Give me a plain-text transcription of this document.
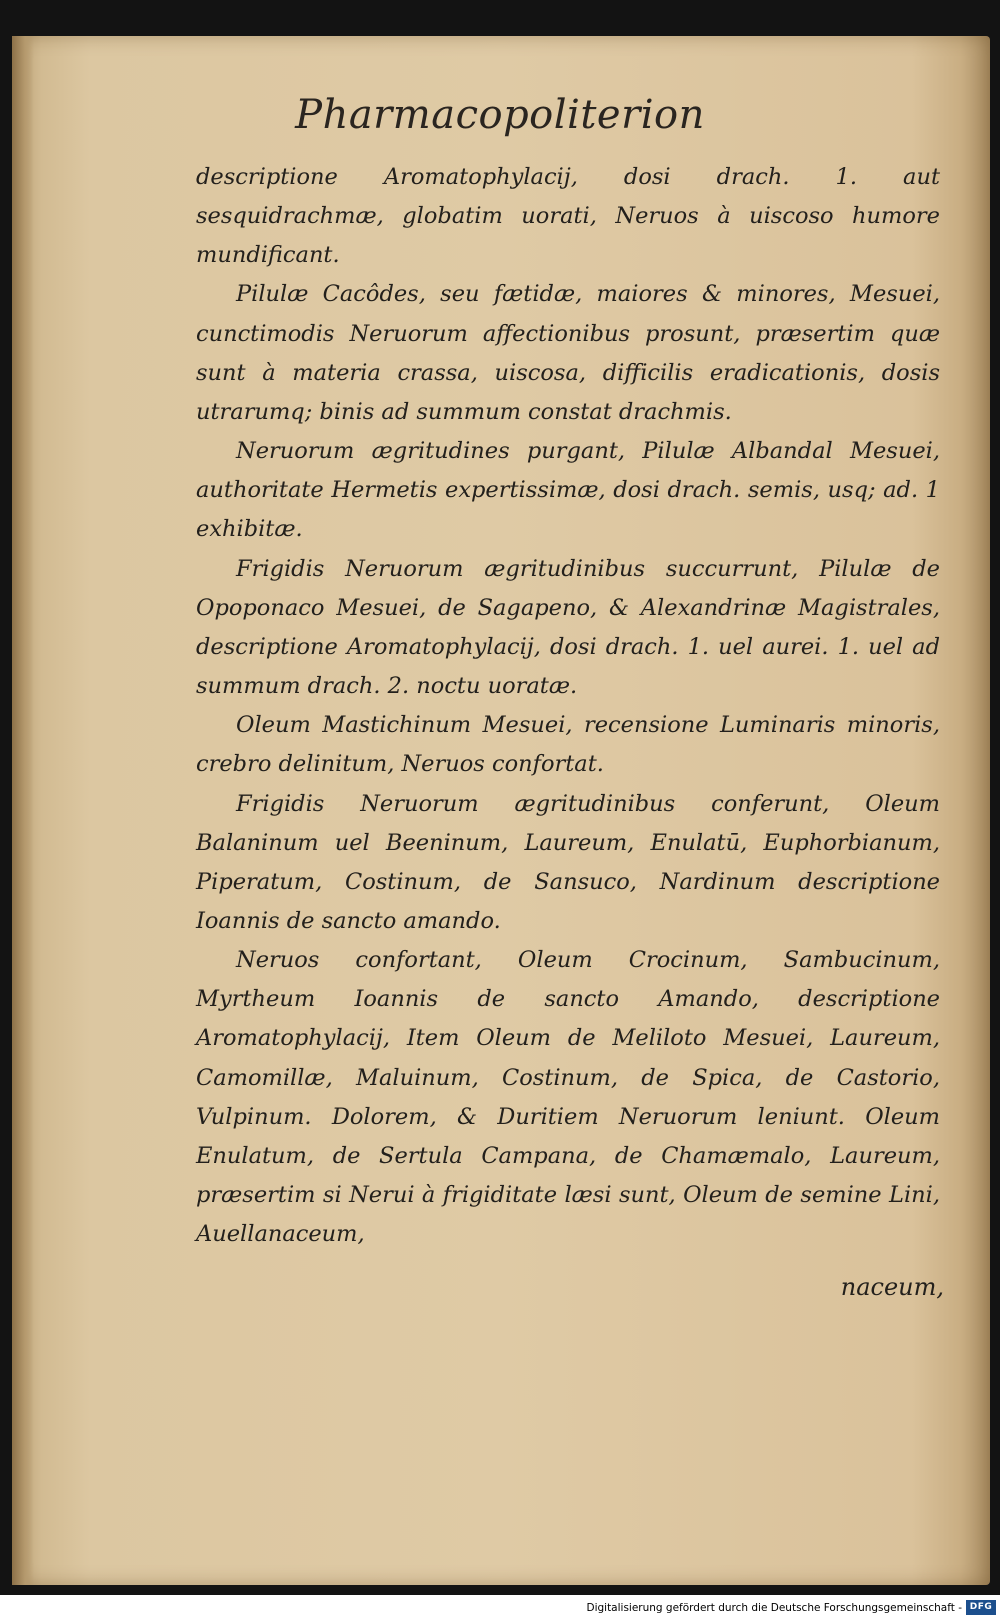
Pharmacopoliterion

descriptione Aromatophylacij, dosi drach. 1. aut sesquidrachmæ, globatim uorati, Neruos à uiscoso humore mundificant.

Pilulæ Cacôdes, seu fætidæ, maiores & minores, Mesuei, cunctimodis Neruorum affectionibus prosunt, præsertim quæ sunt à materia crassa, uiscosa, difficilis eradicationis, dosis utrarumq; binis ad summum constat drachmis.

Neruorum ægritudines purgant, Pilulæ Albandal Mesuei, authoritate Hermetis expertissimæ, dosi drach. semis, usq; ad. 1 exhibitæ.

Frigidis Neruorum ægritudinibus succurrunt, Pilulæ de Opoponaco Mesuei, de Sagapeno, & Alexandrinæ Magistrales, descriptione Aromatophylacij, dosi drach. 1. uel aurei. 1. uel ad summum drach. 2. noctu uoratæ.

Oleum Mastichinum Mesuei, recensione Luminaris minoris, crebro delinitum, Neruos confortat.

Frigidis Neruorum ægritudinibus conferunt, Oleum Balaninum uel Beeninum, Laureum, Enulatū, Euphorbianum, Piperatum, Costinum, de Sansuco, Nardinum descriptione Ioannis de sancto amando.

Neruos confortant, Oleum Crocinum, Sambucinum, Myrtheum Ioannis de sancto Amando, descriptione Aromatophylacij, Item Oleum de Meliloto Mesuei, Laureum, Camomillæ, Maluinum, Costinum, de Spica, de Castorio, Vulpinum. Dolorem, & Duritiem Neruorum leniunt. Oleum Enulatum, de Sertula Campana, de Chamæmalo, Laureum, præsertim si Nerui à frigiditate læsi sunt, Oleum de semine Lini, Auellanaceum,

naceum,
Digitalisierung gefördert durch die Deutsche Forschungsgemeinschaft - DFG
